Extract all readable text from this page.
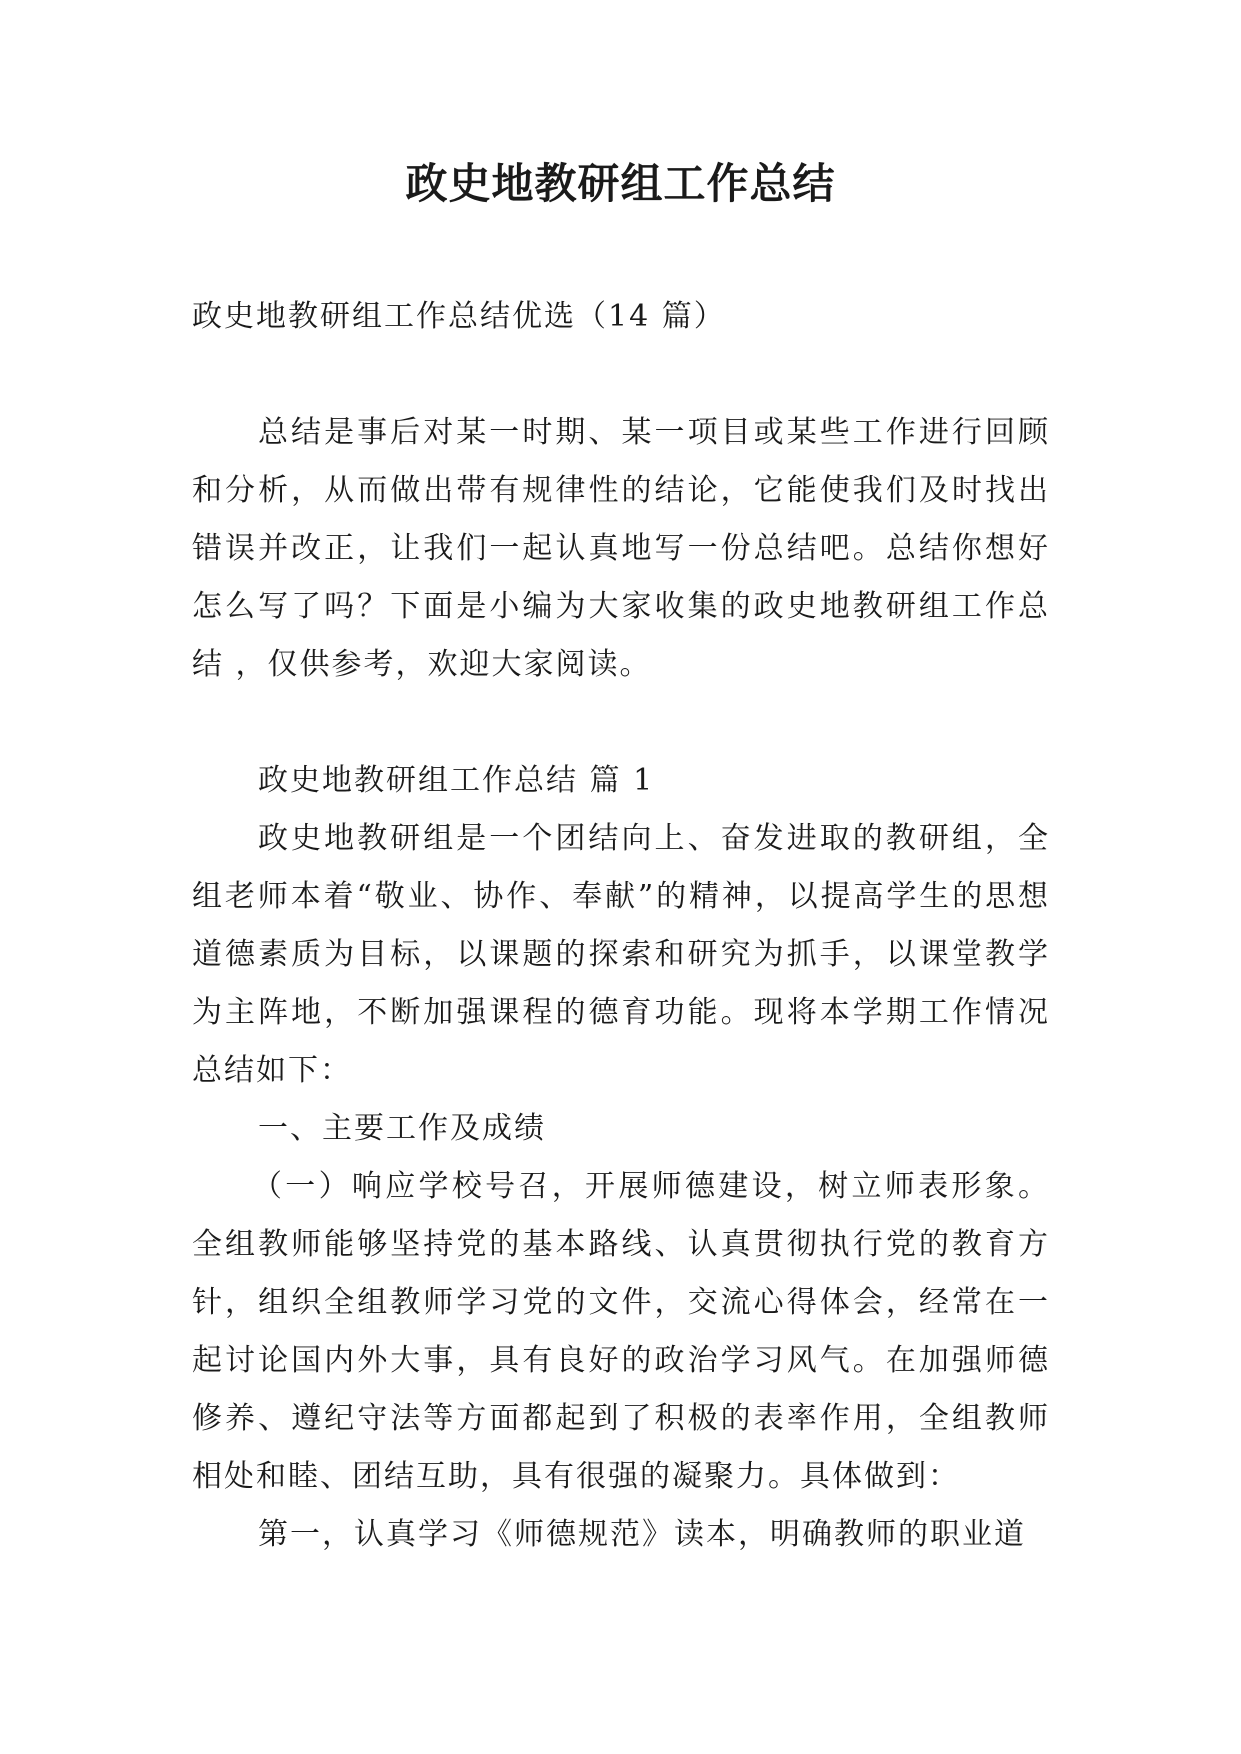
政史地教研组工作总结

政史地教研组工作总结优选（14 篇）

总结是事后对某一时期、某一项目或某些工作进行回顾和分析，从而做出带有规律性的结论，它能使我们及时找出错误并改正，让我们一起认真地写一份总结吧。总结你想好怎么写了吗？下面是小编为大家收集的政史地教研组工作总结 ，仅供参考，欢迎大家阅读。

政史地教研组工作总结 篇 1

政史地教研组是一个团结向上、奋发进取的教研组，全组老师本着“敬业、协作、奉献”的精神，以提高学生的思想道德素质为目标，以课题的探索和研究为抓手，以课堂教学为主阵地，不断加强课程的德育功能。现将本学期工作情况总结如下：

一、主要工作及成绩

（一）响应学校号召，开展师德建设，树立师表形象。全组教师能够坚持党的基本路线、认真贯彻执行党的教育方针，组织全组教师学习党的文件，交流心得体会，经常在一起讨论国内外大事，具有良好的政治学习风气。在加强师德修养、遵纪守法等方面都起到了积极的表率作用，全组教师相处和睦、团结互助，具有很强的凝聚力。具体做到：

第一，认真学习《师德规范》读本，明确教师的职业道
